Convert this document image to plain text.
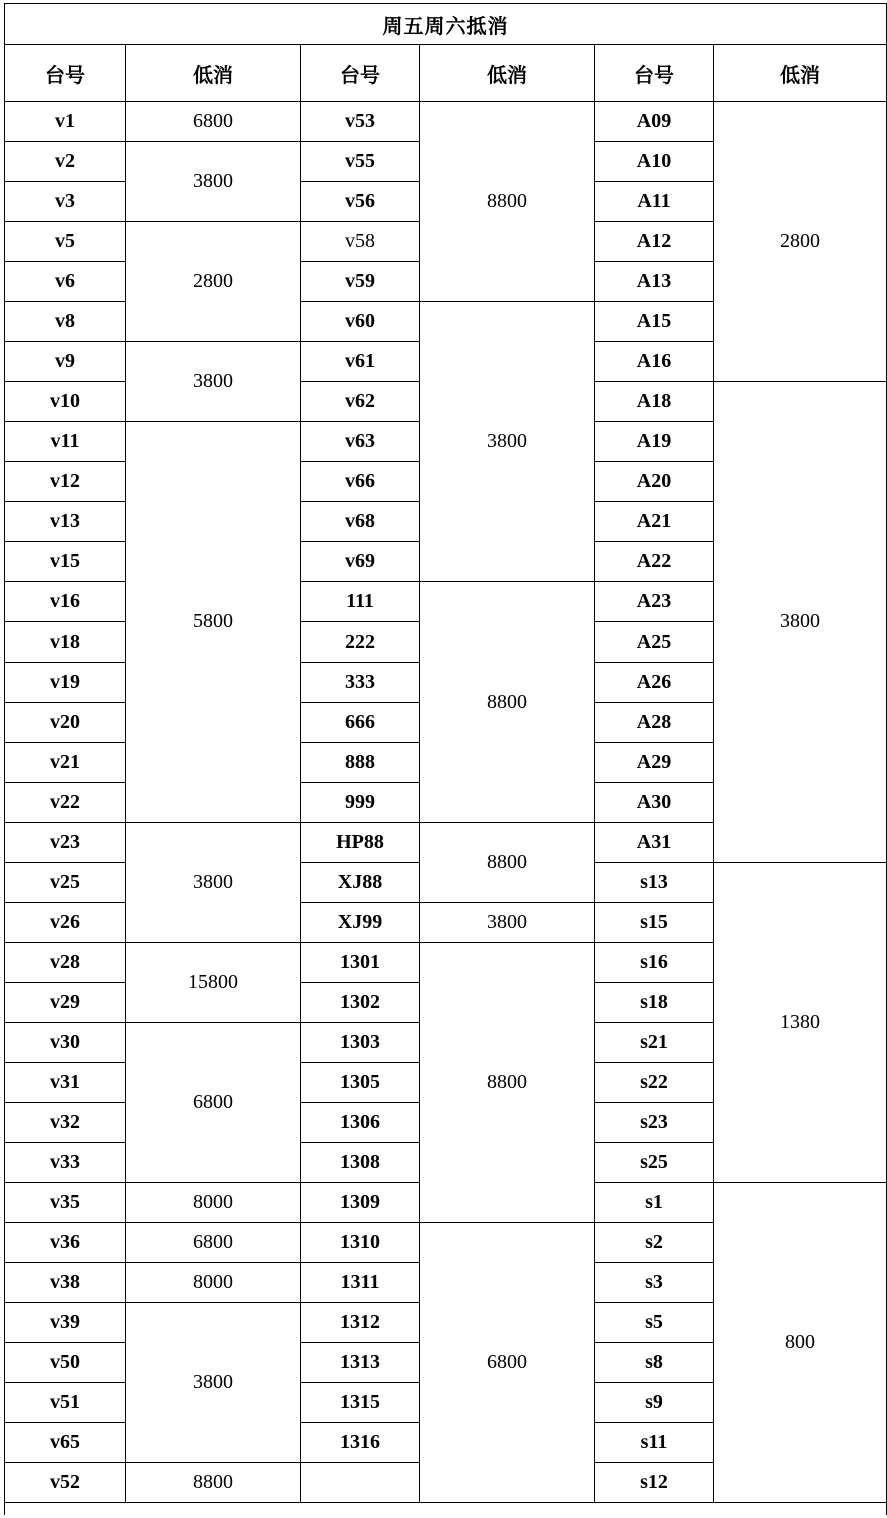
周五周六抵消					
台号	低消	台号	低消	台号	低消
v1	6800	v53	8800	A09	2800
v2	3800	v55		A10	
v3		v56		A11	
v5	2800	v58		A12	
v6		v59		A13	
v8		v60	3800	A15	
v9	3800	v61		A16	
v10		v62		A18	3800
v11	5800	v63		A19	
v12		v66		A20	
v13		v68		A21	
v15		v69		A22	
v16		111	8800	A23	
v18		222		A25	
v19		333		A26	
v20		666		A28	
v21		888		A29	
v22		999		A30	
v23	3800	HP88	8800	A31	
v25		XJ88		s13	1380
v26		XJ99	3800	s15	
v28	15800	1301	8800	s16	
v29		1302		s18	
v30	6800	1303		s21	
v31		1305		s22	
v32		1306		s23	
v33		1308		s25	
v35	8000	1309		s1	800
v36	6800	1310	6800	s2	
v38	8000	1311		s3	
v39	3800	1312		s5	
v50		1313		s8	
v51		1315		s9	
v65		1316		s11	
v52	8800			s12	
